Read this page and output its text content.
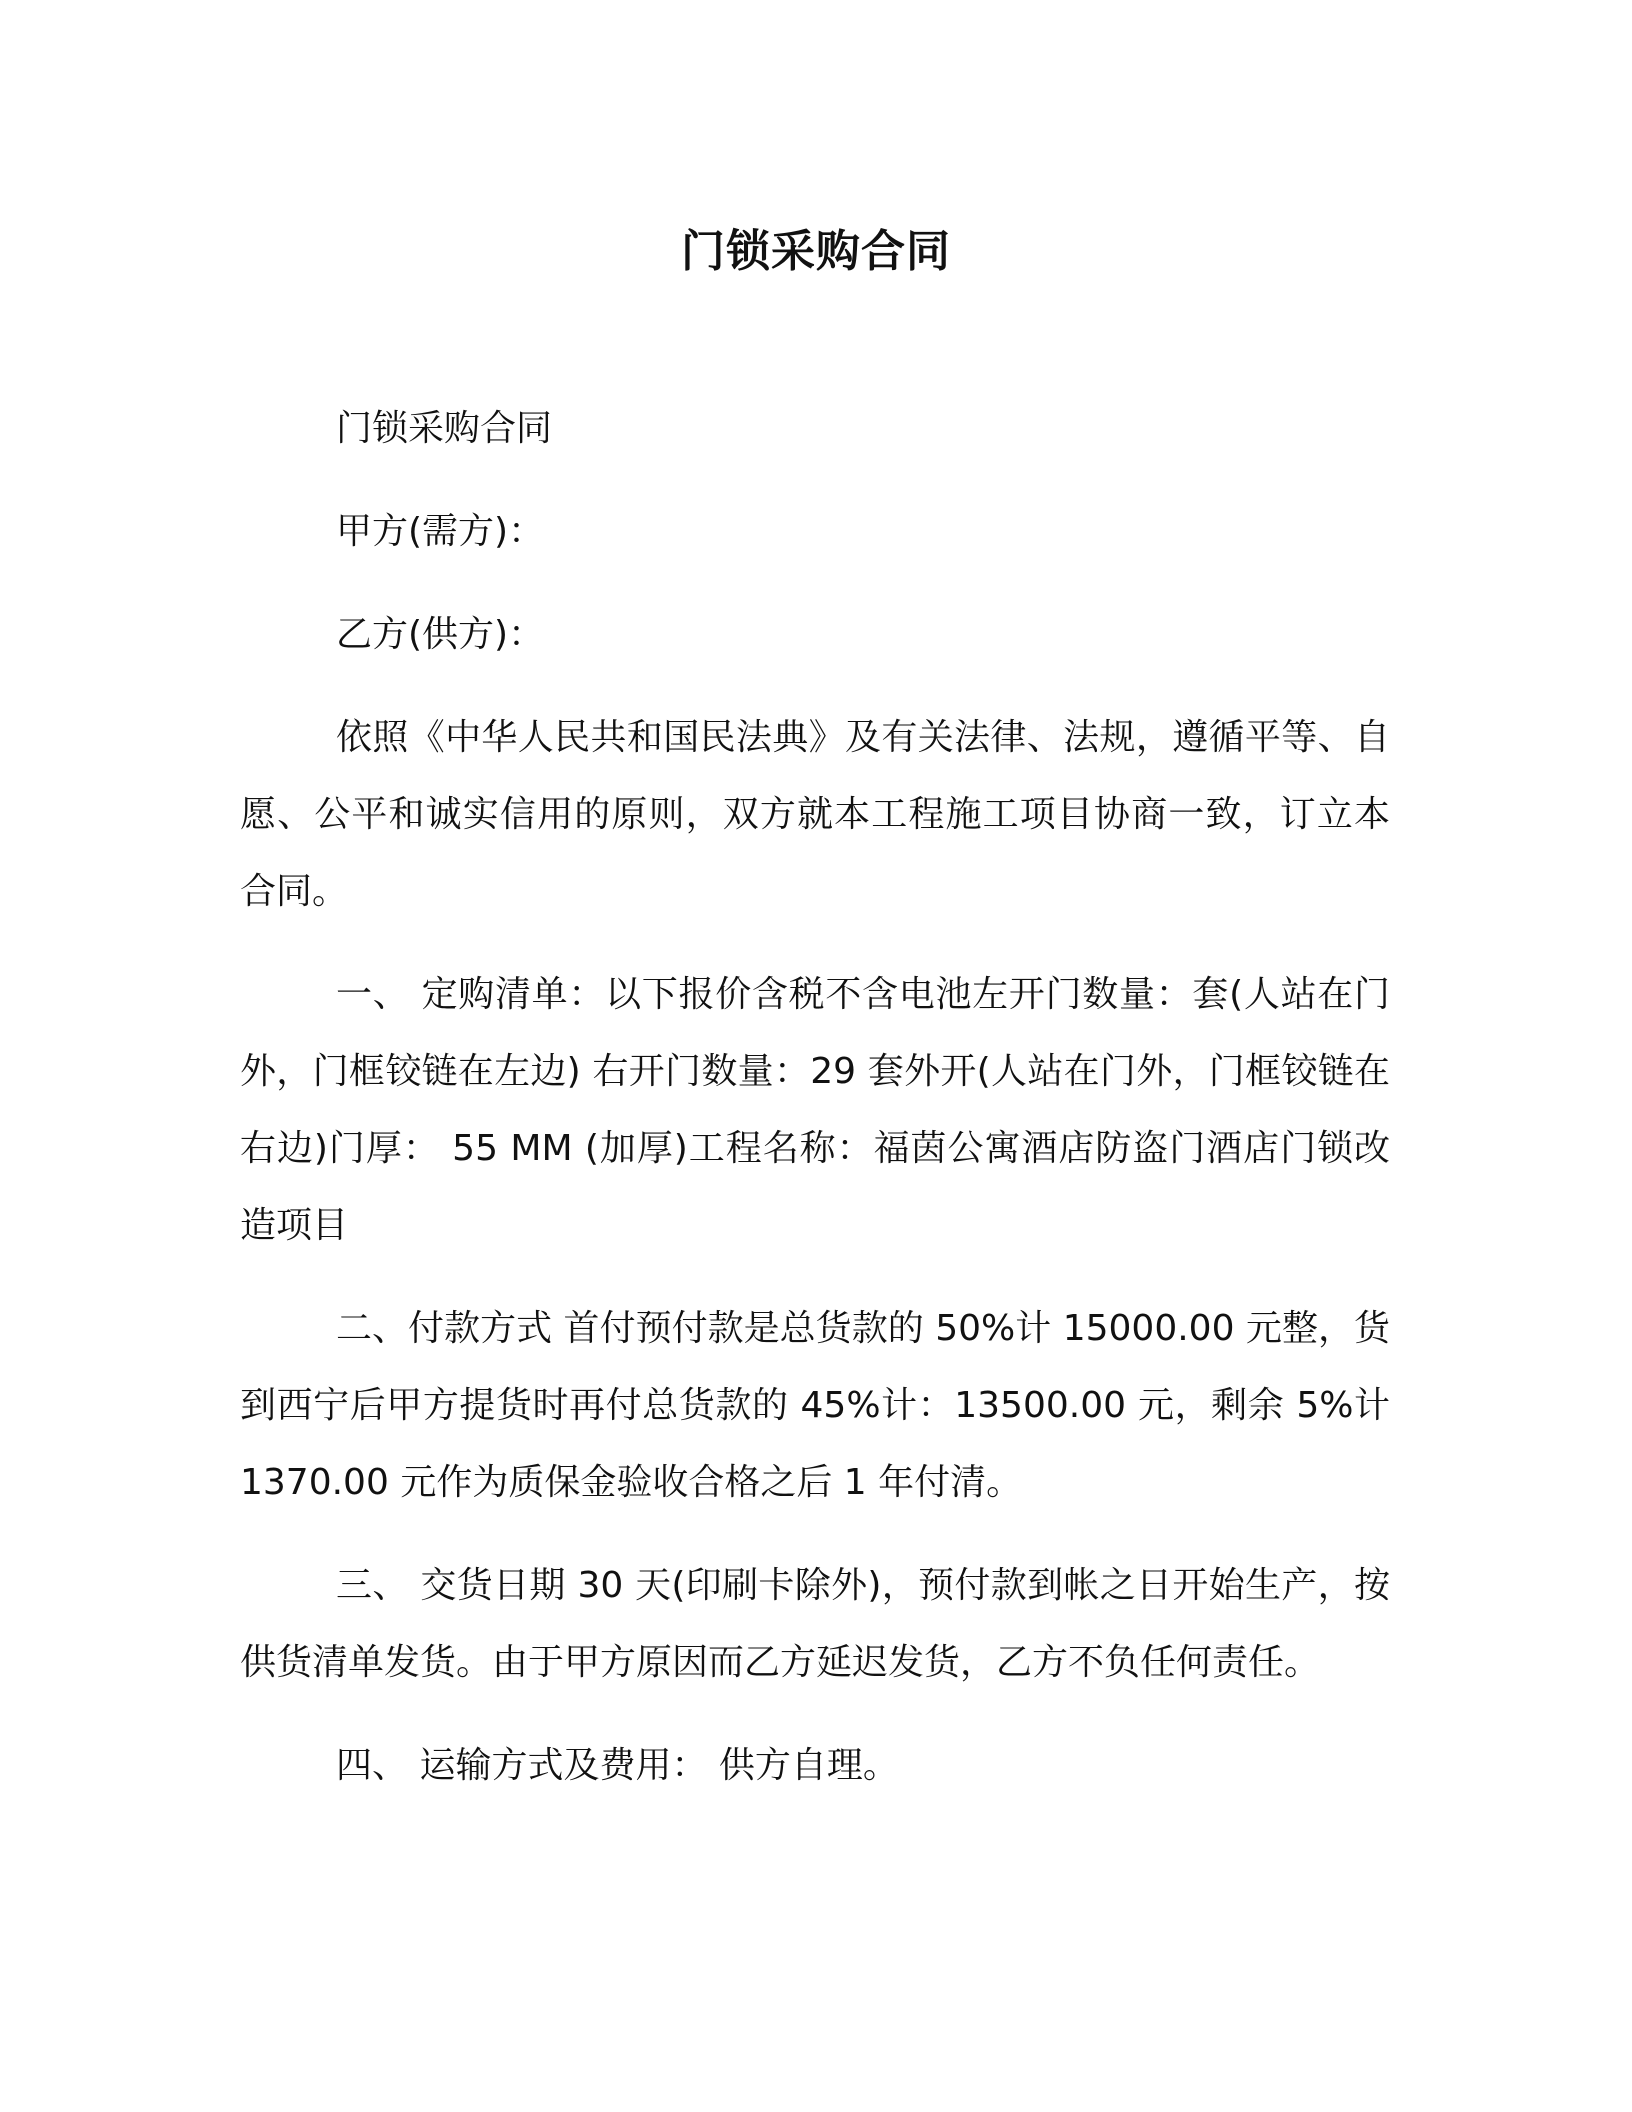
门锁采购合同

门锁采购合同

甲方(需方)：

乙方(供方)：

依照《中华人民共和国民法典》及有关法律、法规，遵循平等、自愿、公平和诚实信用的原则，双方就本工程施工项目协商一致，订立本合同。

一、 定购清单：以下报价含税不含电池左开门数量：套(人站在门外，门框铰链在左边) 右开门数量：29 套外开(人站在门外，门框铰链在右边)门厚： 55 MM (加厚)工程名称：福茵公寓酒店防盗门酒店门锁改造项目

二、付款方式 首付预付款是总货款的 50%计 15000.00 元整，货到西宁后甲方提货时再付总货款的 45%计：13500.00 元，剩余 5%计 1370.00 元作为质保金验收合格之后 1 年付清。

三、 交货日期 30 天(印刷卡除外)，预付款到帐之日开始生产，按供货清单发货。由于甲方原因而乙方延迟发货，乙方不负任何责任。

四、 运输方式及费用： 供方自理。
